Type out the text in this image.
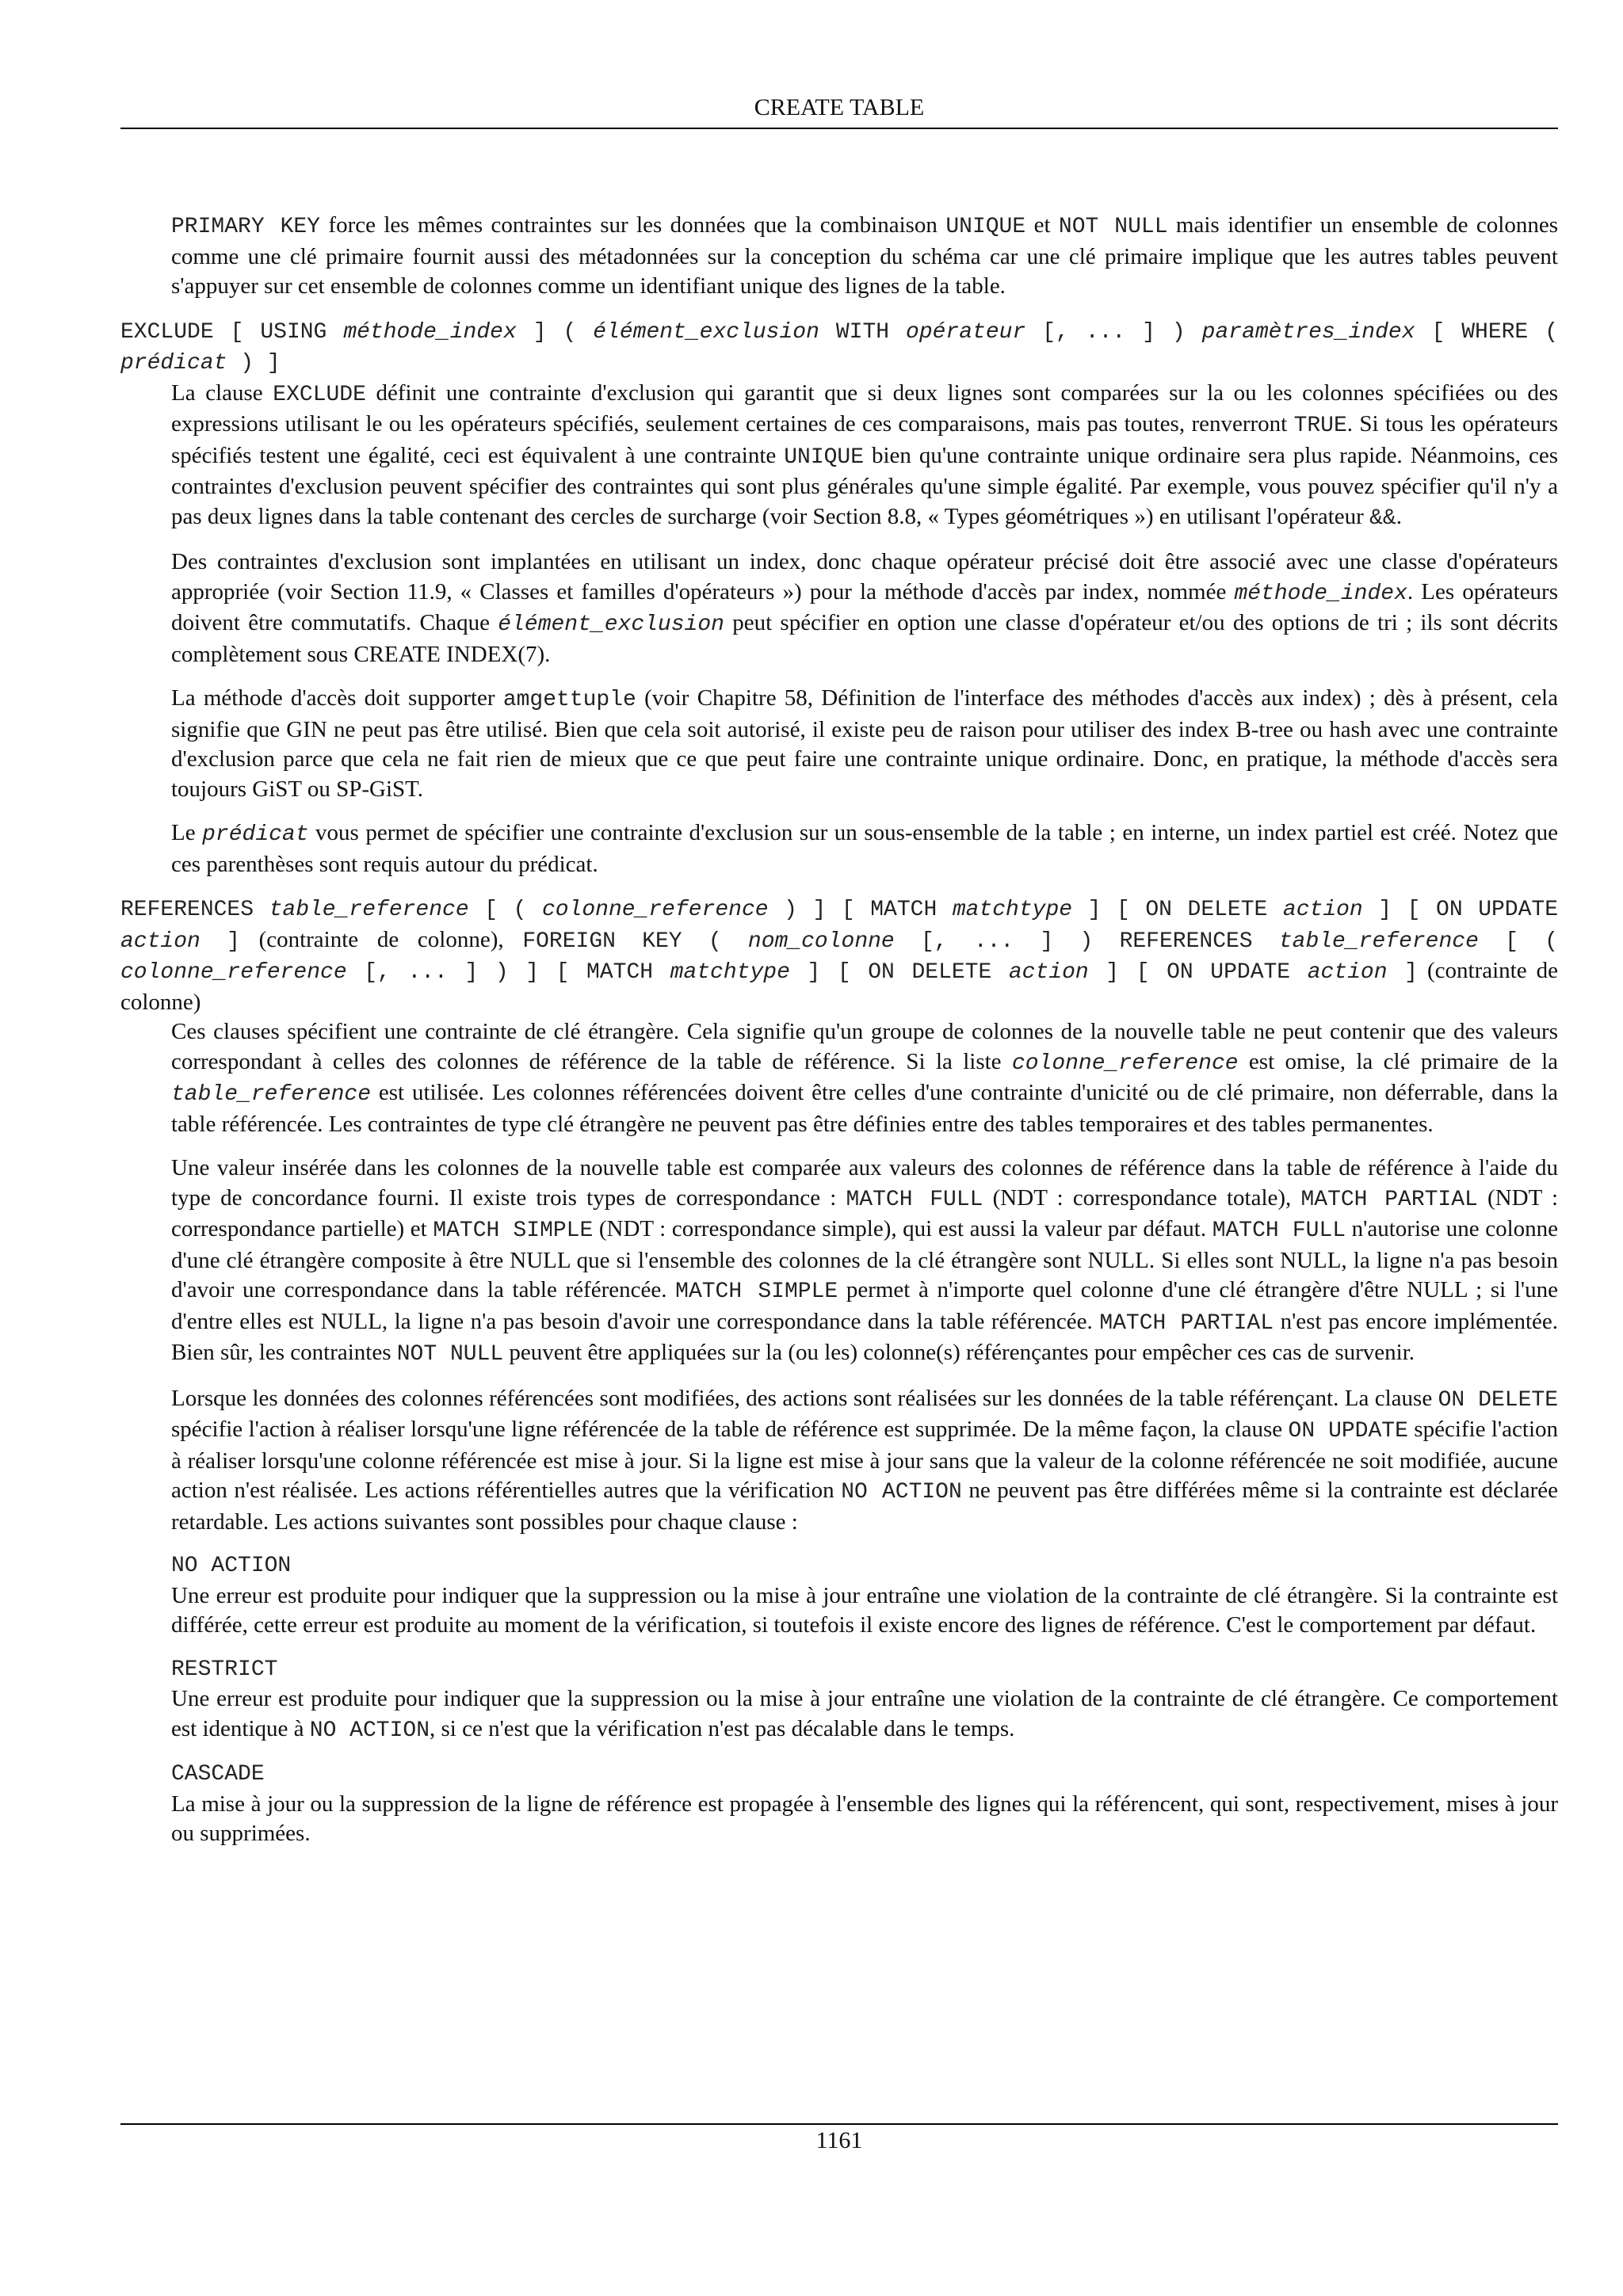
CREATE TABLE

PRIMARY KEY force les mêmes contraintes sur les données que la combinaison UNIQUE et NOT NULL mais identifier un ensemble de colonnes comme une clé primaire fournit aussi des métadonnées sur la conception du schéma car une clé primaire implique que les autres tables peuvent s'appuyer sur cet ensemble de colonnes comme un identifiant unique des lignes de la table.

EXCLUDE [ USING méthode_index ] ( élément_exclusion WITH opérateur [, ... ] ) paramètres_index [ WHERE ( prédicat ) ]

La clause EXCLUDE définit une contrainte d'exclusion qui garantit que si deux lignes sont comparées sur la ou les colonnes spécifiées ou des expressions utilisant le ou les opérateurs spécifiés, seulement certaines de ces comparaisons, mais pas toutes, renverront TRUE. Si tous les opérateurs spécifiés testent une égalité, ceci est équivalent à une contrainte UNIQUE bien qu'une contrainte unique ordinaire sera plus rapide. Néanmoins, ces contraintes d'exclusion peuvent spécifier des contraintes qui sont plus générales qu'une simple égalité. Par exemple, vous pouvez spécifier qu'il n'y a pas deux lignes dans la table contenant des cercles de surcharge (voir Section 8.8, « Types géométriques ») en utilisant l'opérateur &&.

Des contraintes d'exclusion sont implantées en utilisant un index, donc chaque opérateur précisé doit être associé avec une classe d'opérateurs appropriée (voir Section 11.9, « Classes et familles d'opérateurs ») pour la méthode d'accès par index, nommée méthode_index. Les opérateurs doivent être commutatifs. Chaque élément_exclusion peut spécifier en option une classe d'opérateur et/ou des options de tri ; ils sont décrits complètement sous CREATE INDEX(7).

La méthode d'accès doit supporter amgettuple (voir Chapitre 58, Définition de l'interface des méthodes d'accès aux index) ; dès à présent, cela signifie que GIN ne peut pas être utilisé. Bien que cela soit autorisé, il existe peu de raison pour utiliser des index B-tree ou hash avec une contrainte d'exclusion parce que cela ne fait rien de mieux que ce que peut faire une contrainte unique ordinaire. Donc, en pratique, la méthode d'accès sera toujours GiST ou SP-GiST.

Le prédicat vous permet de spécifier une contrainte d'exclusion sur un sous-ensemble de la table ; en interne, un index partiel est créé. Notez que ces parenthèses sont requis autour du prédicat.

REFERENCES table_reference [ ( colonne_reference ) ] [ MATCH matchtype ] [ ON DELETE action ] [ ON UPDATE action ] (contrainte de colonne), FOREIGN KEY ( nom_colonne [, ... ] ) REFERENCES table_reference [ ( colonne_reference [, ... ] ) ] [ MATCH matchtype ] [ ON DELETE action ] [ ON UPDATE action ] (contrainte de colonne)

Ces clauses spécifient une contrainte de clé étrangère. Cela signifie qu'un groupe de colonnes de la nouvelle table ne peut contenir que des valeurs correspondant à celles des colonnes de référence de la table de référence. Si la liste colonne_reference est omise, la clé primaire de la table_reference est utilisée. Les colonnes référencées doivent être celles d'une contrainte d'unicité ou de clé primaire, non déferrable, dans la table référencée. Les contraintes de type clé étrangère ne peuvent pas être définies entre des tables temporaires et des tables permanentes.

Une valeur insérée dans les colonnes de la nouvelle table est comparée aux valeurs des colonnes de référence dans la table de référence à l'aide du type de concordance fourni. Il existe trois types de correspondance : MATCH FULL (NDT : correspondance totale), MATCH PARTIAL (NDT : correspondance partielle) et MATCH SIMPLE (NDT : correspondance simple), qui est aussi la valeur par défaut. MATCH FULL n'autorise une colonne d'une clé étrangère composite à être NULL que si l'ensemble des colonnes de la clé étrangère sont NULL. Si elles sont NULL, la ligne n'a pas besoin d'avoir une correspondance dans la table référencée. MATCH SIMPLE permet à n'importe quel colonne d'une clé étrangère d'être NULL ; si l'une d'entre elles est NULL, la ligne n'a pas besoin d'avoir une correspondance dans la table référencée. MATCH PARTIAL n'est pas encore implémentée. Bien sûr, les contraintes NOT NULL peuvent être appliquées sur la (ou les) colonne(s) référençantes pour empêcher ces cas de survenir.

Lorsque les données des colonnes référencées sont modifiées, des actions sont réalisées sur les données de la table référençant. La clause ON DELETE spécifie l'action à réaliser lorsqu'une ligne référencée de la table de référence est supprimée. De la même façon, la clause ON UPDATE spécifie l'action à réaliser lorsqu'une colonne référencée est mise à jour. Si la ligne est mise à jour sans que la valeur de la colonne référencée ne soit modifiée, aucune action n'est réalisée. Les actions référentielles autres que la vérification NO ACTION ne peuvent pas être différées même si la contrainte est déclarée retardable. Les actions suivantes sont possibles pour chaque clause :

NO ACTION

Une erreur est produite pour indiquer que la suppression ou la mise à jour entraîne une violation de la contrainte de clé étrangère. Si la contrainte est différée, cette erreur est produite au moment de la vérification, si toutefois il existe encore des lignes de référence. C'est le comportement par défaut.

RESTRICT

Une erreur est produite pour indiquer que la suppression ou la mise à jour entraîne une violation de la contrainte de clé étrangère. Ce comportement est identique à NO ACTION, si ce n'est que la vérification n'est pas décalable dans le temps.

CASCADE

La mise à jour ou la suppression de la ligne de référence est propagée à l'ensemble des lignes qui la référencent, qui sont, respectivement, mises à jour ou supprimées.

1161
